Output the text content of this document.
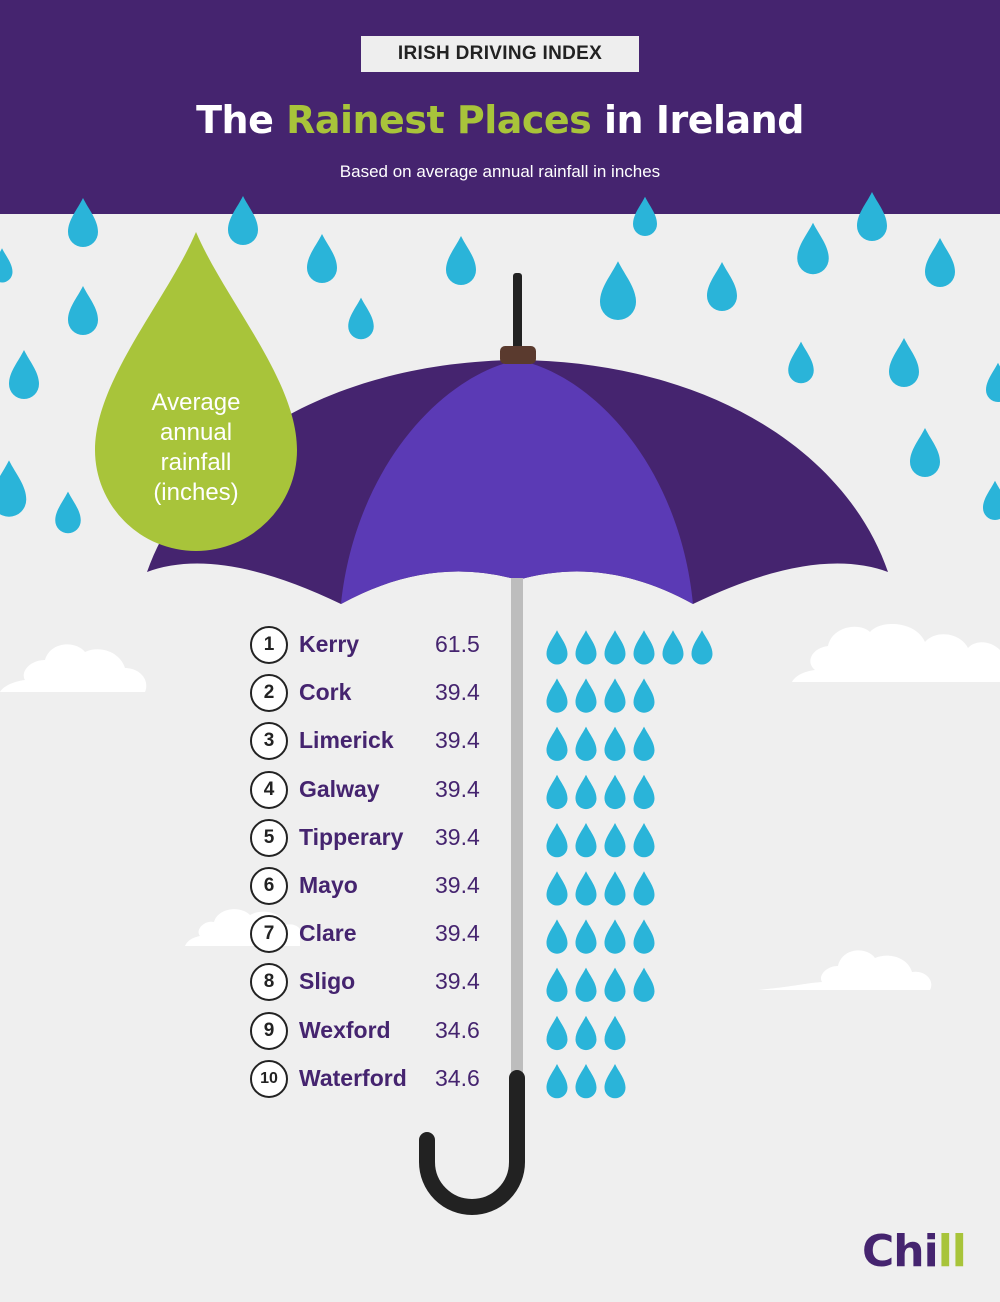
IRISH DRIVING INDEX
The Rainest Places in Ireland
Based on average annual rainfall in inches
Average annual rainfall (inches)
1	Kerry	61.5
2	Cork	39.4
3	Limerick 39.4
4	Galway 39.4
5	Tipperary 39.4
6	Mayo	39.4
7	Clare	39.4
8	Sligo	39.4
9	Wexford 34.6
10 Waterford 34.6
Chill
